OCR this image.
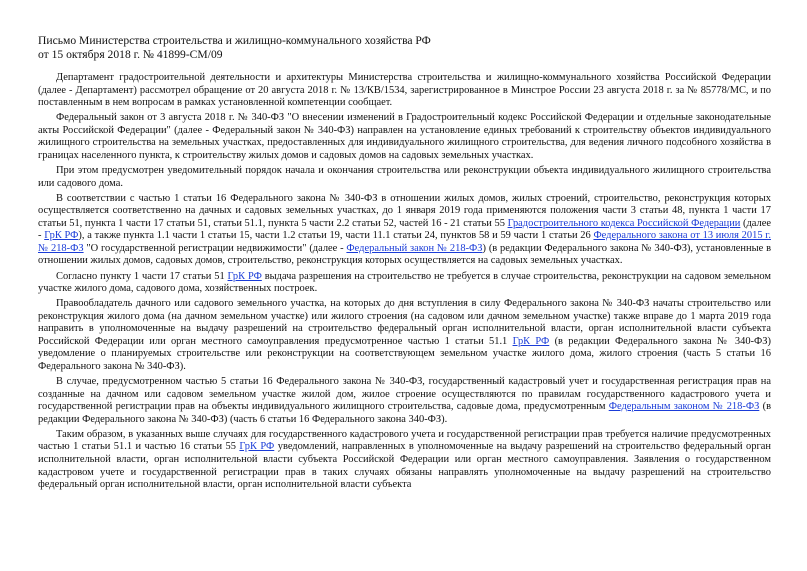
Письмо Министерства строительства и жилищно-коммунального хозяйства РФ
от 15 октября 2018 г. № 41899-СМ/09

Департамент градостроительной деятельности и архитектуры Министерства строительства и жилищно-коммунального хозяйства Российской Федерации (далее - Департамент) рассмотрел обращение от 20 августа 2018 г. № 13/КВ/1534, зарегистрированное в Минстрое России 23 августа 2018 г. за № 85778/МС, и по поставленным в нем вопросам в рамках установленной компетенции сообщает.

Федеральный закон от 3 августа 2018 г. № 340-ФЗ "О внесении изменений в Градостроительный кодекс Российской Федерации и отдельные законодательные акты Российской Федерации" (далее - Федеральный закон № 340-ФЗ) направлен на установление единых требований к строительству объектов индивидуального жилищного строительства на земельных участках, предоставленных для индивидуального жилищного строительства, для ведения личного подсобного хозяйства в границах населенного пункта, к строительству жилых домов и садовых домов на садовых земельных участках.

При этом предусмотрен уведомительный порядок начала и окончания строительства или реконструкции объекта индивидуального жилищного строительства или садового дома.

В соответствии с частью 1 статьи 16 Федерального закона № 340-ФЗ в отношении жилых домов, жилых строений, строительство, реконструкция которых осуществляется соответственно на дачных и садовых земельных участках, до 1 января 2019 года применяются положения части 3 статьи 48, пункта 1 части 17 статьи 51, пункта 1 части 17 статьи 51, статьи 51.1, пункта 5 части 2.2 статьи 52, частей 16 - 21 статьи 55 Градостроительного кодекса Российской Федерации (далее - ГрК РФ), а также пункта 1.1 части 1 статьи 15, части 1.2 статьи 19, части 11.1 статьи 24, пунктов 58 и 59 части 1 статьи 26 Федерального закона от 13 июля 2015 г. № 218-ФЗ "О государственной регистрации недвижимости" (далее - Федеральный закон № 218-ФЗ) (в редакции Федерального закона № 340-ФЗ), установленные в отношении жилых домов, садовых домов, строительство, реконструкция которых осуществляется на садовых земельных участках.

Согласно пункту 1 части 17 статьи 51 ГрК РФ выдача разрешения на строительство не требуется в случае строительства, реконструкции на садовом земельном участке жилого дома, садового дома, хозяйственных построек.

Правообладатель дачного или садового земельного участка, на которых до дня вступления в силу Федерального закона № 340-ФЗ начаты строительство или реконструкция жилого дома (на дачном земельном участке) или жилого строения (на садовом или дачном земельном участке) также вправе до 1 марта 2019 года направить в уполномоченные на выдачу разрешений на строительство федеральный орган исполнительной власти, орган исполнительной власти субъекта Российской Федерации или орган местного самоуправления предусмотренное частью 1 статьи 51.1 ГрК РФ (в редакции Федерального закона № 340-ФЗ) уведомление о планируемых строительстве или реконструкции на соответствующем земельном участке жилого дома, жилого строения (часть 5 статьи 16 Федерального закона № 340-ФЗ).

В случае, предусмотренном частью 5 статьи 16 Федерального закона № 340-ФЗ, государственный кадастровый учет и государственная регистрация прав на созданные на дачном или садовом земельном участке жилой дом, жилое строение осуществляются по правилам государственного кадастрового учета и государственной регистрации прав на объекты индивидуального жилищного строительства, садовые дома, предусмотренным Федеральным законом № 218-ФЗ (в редакции Федерального закона № 340-ФЗ) (часть 6 статьи 16 Федерального закона 340-ФЗ).

Таким образом, в указанных выше случаях для государственного кадастрового учета и государственной регистрации прав требуется наличие предусмотренных частью 1 статьи 51.1 и частью 16 статьи 55 ГрК РФ уведомлений, направленных в уполномоченные на выдачу разрешений на строительство федеральный орган исполнительной власти, орган исполнительной власти субъекта Российской Федерации или орган местного самоуправления. Заявления о государственном кадастровом учете и государственной регистрации прав в таких случаях обязаны направлять уполномоченные на выдачу разрешений на строительство федеральный орган исполнительной власти, орган исполнительной власти субъекта
